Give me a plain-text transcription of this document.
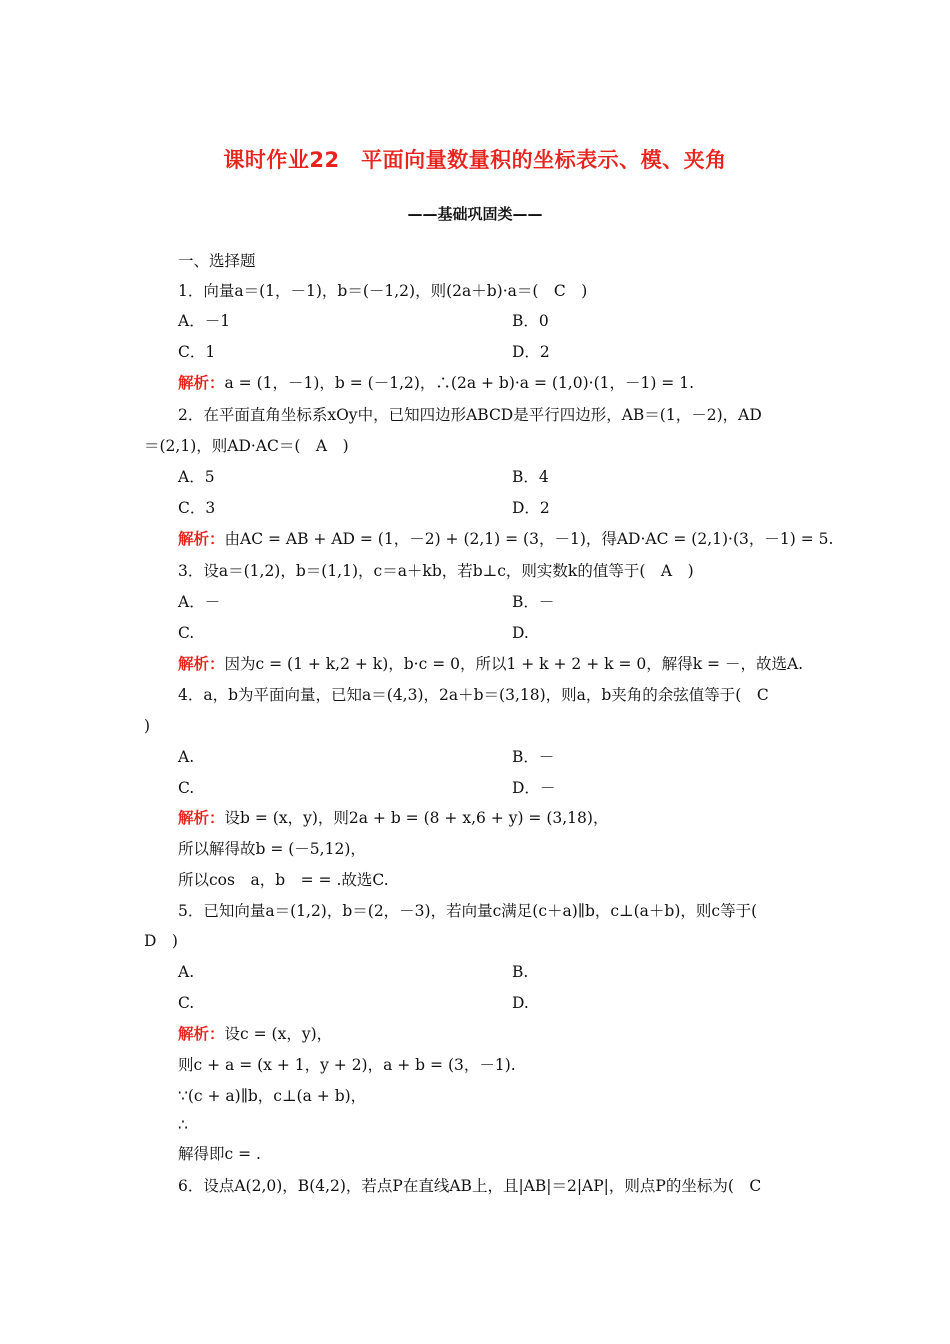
课时作业22　平面向量数量积的坐标表示、模、夹角
——基础巩固类——
一、选择题
1．向量a＝(1，－1)，b＝(－1,2)，则(2a＋b)·a＝(　C　)
A．－1	B．0
C．1	D．2
解析：a = (1，－1)，b = (－1,2)，∴(2a + b)·a = (1,0)·(1，－1) = 1.
2．在平面直角坐标系xOy中，已知四边形ABCD是平行四边形，AB＝(1，－2)，AD
＝(2,1)，则AD·AC＝(　A　)
A．5	B．4
C．3	D．2
解析：由AC = AB + AD = (1，－2) + (2,1) = (3，－1)，得AD·AC = (2,1)·(3，－1) = 5.
3．设a＝(1,2)，b＝(1,1)，c＝a＋kb，若b⊥c，则实数k的值等于(　A　)
A．－	B．－
C.	D.
解析：因为c = (1 + k,2 + k)，b·c = 0，所以1 + k + 2 + k = 0，解得k = －，故选A.
4．a，b为平面向量，已知a＝(4,3)，2a＋b＝(3,18)，则a，b夹角的余弦值等于(　C
)
A.	B．－
C.	D．－
解析：设b = (x，y)，则2a + b = (8 + x,6 + y) = (3,18)，
所以解得故b = (－5,12)，
所以cos　a，b　= = .故选C.
5．已知向量a＝(1,2)，b＝(2，－3)，若向量c满足(c＋a)∥b，c⊥(a＋b)，则c等于(
D　)
A.	B.
C.	D.
解析：设c = (x，y)，
则c + a = (x + 1，y + 2)，a + b = (3，－1).
∵(c + a)∥b，c⊥(a + b)，
∴
解得即c = .
6．设点A(2,0)，B(4,2)，若点P在直线AB上，且|AB|＝2|AP|，则点P的坐标为(　C
